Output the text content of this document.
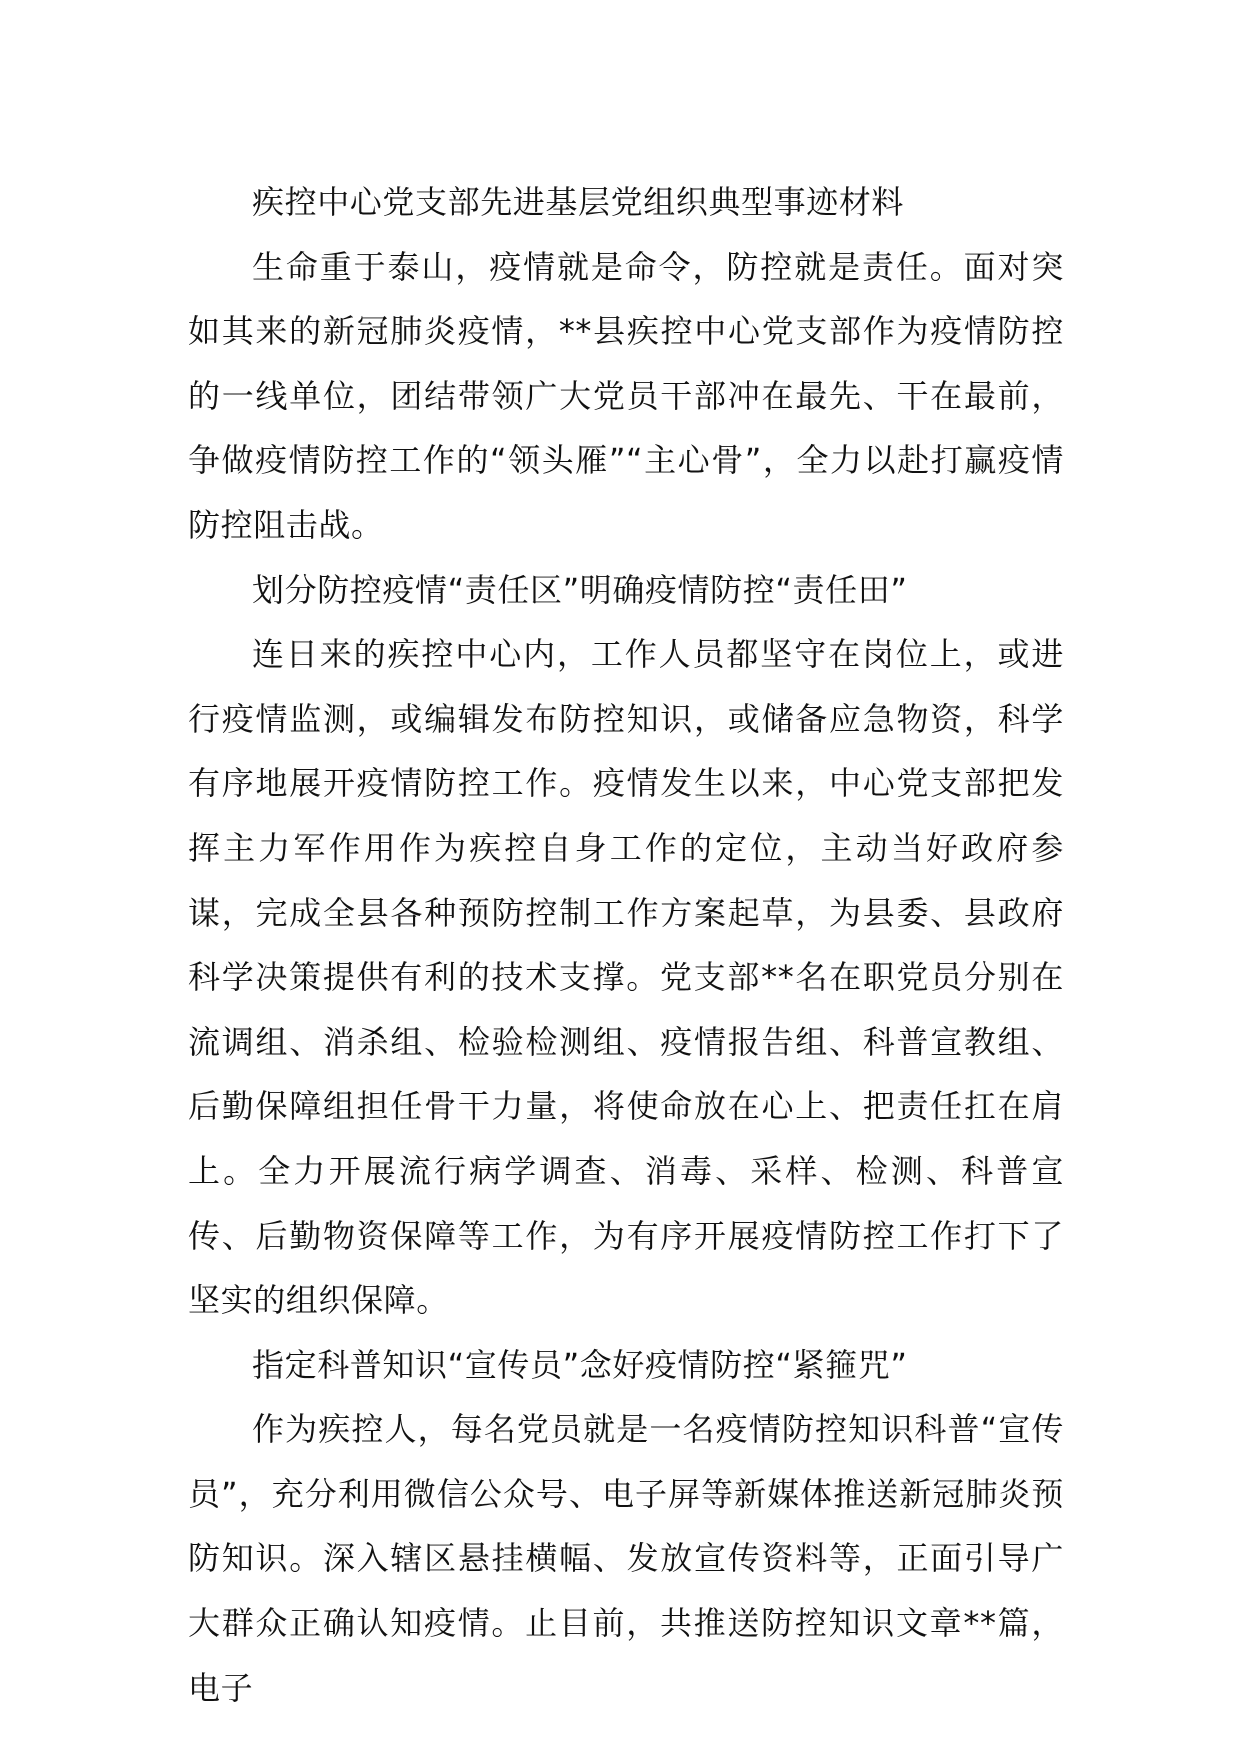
疾控中心党支部先进基层党组织典型事迹材料

生命重于泰山，疫情就是命令，防控就是责任。面对突如其来的新冠肺炎疫情，**县疾控中心党支部作为疫情防控的一线单位，团结带领广大党员干部冲在最先、干在最前，争做疫情防控工作的“领头雁”“主心骨”，全力以赴打赢疫情防控阻击战。

划分防控疫情“责任区”明确疫情防控“责任田”

连日来的疾控中心内，工作人员都坚守在岗位上，或进行疫情监测，或编辑发布防控知识，或储备应急物资，科学有序地展开疫情防控工作。疫情发生以来，中心党支部把发挥主力军作用作为疾控自身工作的定位，主动当好政府参谋，完成全县各种预防控制工作方案起草，为县委、县政府科学决策提供有利的技术支撑。党支部**名在职党员分别在流调组、消杀组、检验检测组、疫情报告组、科普宣教组、后勤保障组担任骨干力量，将使命放在心上、把责任扛在肩上。全力开展流行病学调查、消毒、采样、检测、科普宣传、后勤物资保障等工作，为有序开展疫情防控工作打下了坚实的组织保障。

指定科普知识“宣传员”念好疫情防控“紧箍咒”

作为疾控人，每名党员就是一名疫情防控知识科普“宣传员”，充分利用微信公众号、电子屏等新媒体推送新冠肺炎预防知识。深入辖区悬挂横幅、发放宣传资料等，正面引导广大群众正确认知疫情。止目前，共推送防控知识文章**篇，电子
